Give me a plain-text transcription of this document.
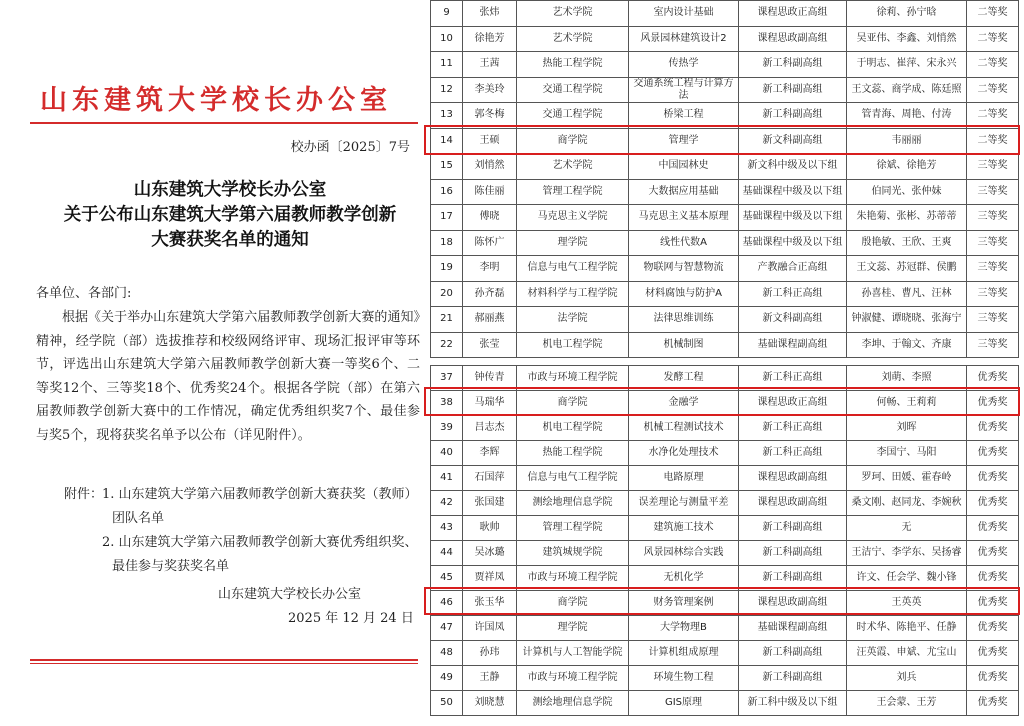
山东建筑大学校长办公室
校办函〔2025〕7号
山东建筑大学校长办公室
关于公布山东建筑大学第六届教师教学创新
大赛获奖名单的通知
各单位、各部门:
根据《关于举办山东建筑大学第六届教师教学创新大赛的通知》精神，经学院（部）选拔推荐和校级网络评审、现场汇报评审等环节，评选出山东建筑大学第六届教师教学创新大赛一等奖6个、二等奖12个、三等奖18个、优秀奖24个。根据各学院（部）在第六届教师教学创新大赛中的工作情况，确定优秀组织奖7个、最佳参与奖5个，现将获奖名单予以公布（详见附件）。
附件：
1. 山东建筑大学第六届教师教学创新大赛获奖（教师）
团队名单
2. 山东建筑大学第六届教师教学创新大赛优秀组织奖、
最佳参与奖获奖名单
山东建筑大学校长办公室
2025 年 12 月 24 日
9	张炜	艺术学院	室内设计基础	课程思政正高组	徐莉、孙宁晗	二等奖
10	徐艳芳	艺术学院	风景园林建筑设计2	课程思政副高组	吴亚伟、李鑫、刘悄然	二等奖
11	王茜	热能工程学院	传热学	新工科副高组	于明志、崔萍、宋永兴	二等奖
12	李美玲	交通工程学院	交通系统工程与计算方法	新工科副高组	王文蕊、商学成、陈廷照	二等奖
13	郭冬梅	交通工程学院	桥梁工程	新工科副高组	管青海、周艳、付涛	二等奖
14	王硕	商学院	管理学	新文科副高组	韦丽丽	二等奖
15	刘悄然	艺术学院	中国园林史	新文科中级及以下组	徐斌、徐艳芳	三等奖
16	陈佳丽	管理工程学院	大数据应用基础	基础课程中级及以下组	伯同光、张仲妹	三等奖
17	傅晓	马克思主义学院	马克思主义基本原理	基础课程中级及以下组	朱艳菊、张彬、苏蒂蒂	三等奖
18	陈怀广	理学院	线性代数A	基础课程中级及以下组	殷艳敏、王欣、王爽	三等奖
19	李明	信息与电气工程学院	物联网与智慧物流	产教融合正高组	王文蕊、苏冠群、侯鹏	三等奖
20	孙齐磊	材料科学与工程学院	材料腐蚀与防护A	新工科正高组	孙喜桂、曹凡、汪林	三等奖
21	郝丽燕	法学院	法律思维训练	新文科副高组	钟淑健、谭晓晓、张海宁	三等奖
22	张莹	机电工程学院	机械制图	基础课程副高组	李坤、于翰文、齐康	三等奖
37	钟传青	市政与环境工程学院	发酵工程	新工科正高组	刘萌、李照	优秀奖
38	马瑞华	商学院	金融学	课程思政正高组	何畅、王莉莉	优秀奖
39	吕志杰	机电工程学院	机械工程测试技术	新工科正高组	刘晖	优秀奖
40	李辉	热能工程学院	水净化处理技术	新工科正高组	李国宁、马阳	优秀奖
41	石国萍	信息与电气工程学院	电路原理	课程思政副高组	罗珂、田媛、霍春岭	优秀奖
42	张国建	测绘地理信息学院	误差理论与测量平差	课程思政副高组	桑文刚、赵同龙、李婉秋	优秀奖
43	耿帅	管理工程学院	建筑施工技术	新工科副高组	无	优秀奖
44	吴冰璐	建筑城规学院	风景园林综合实践	新工科副高组	王洁宁、李学东、吴扬睿	优秀奖
45	贾祥凤	市政与环境工程学院	无机化学	新工科副高组	许文、任会学、魏小锋	优秀奖
46	张玉华	商学院	财务管理案例	课程思政副高组	王英英	优秀奖
47	许国凤	理学院	大学物理B	基础课程副高组	时术华、陈艳平、任静	优秀奖
48	孙玮	计算机与人工智能学院	计算机组成原理	新工科副高组	汪英霞、申斌、尤宝山	优秀奖
49	王静	市政与环境工程学院	环境生物工程	新工科副高组	刘兵	优秀奖
50	刘晓慧	测绘地理信息学院	GIS原理	新工科中级及以下组	王会蒙、王芳	优秀奖
